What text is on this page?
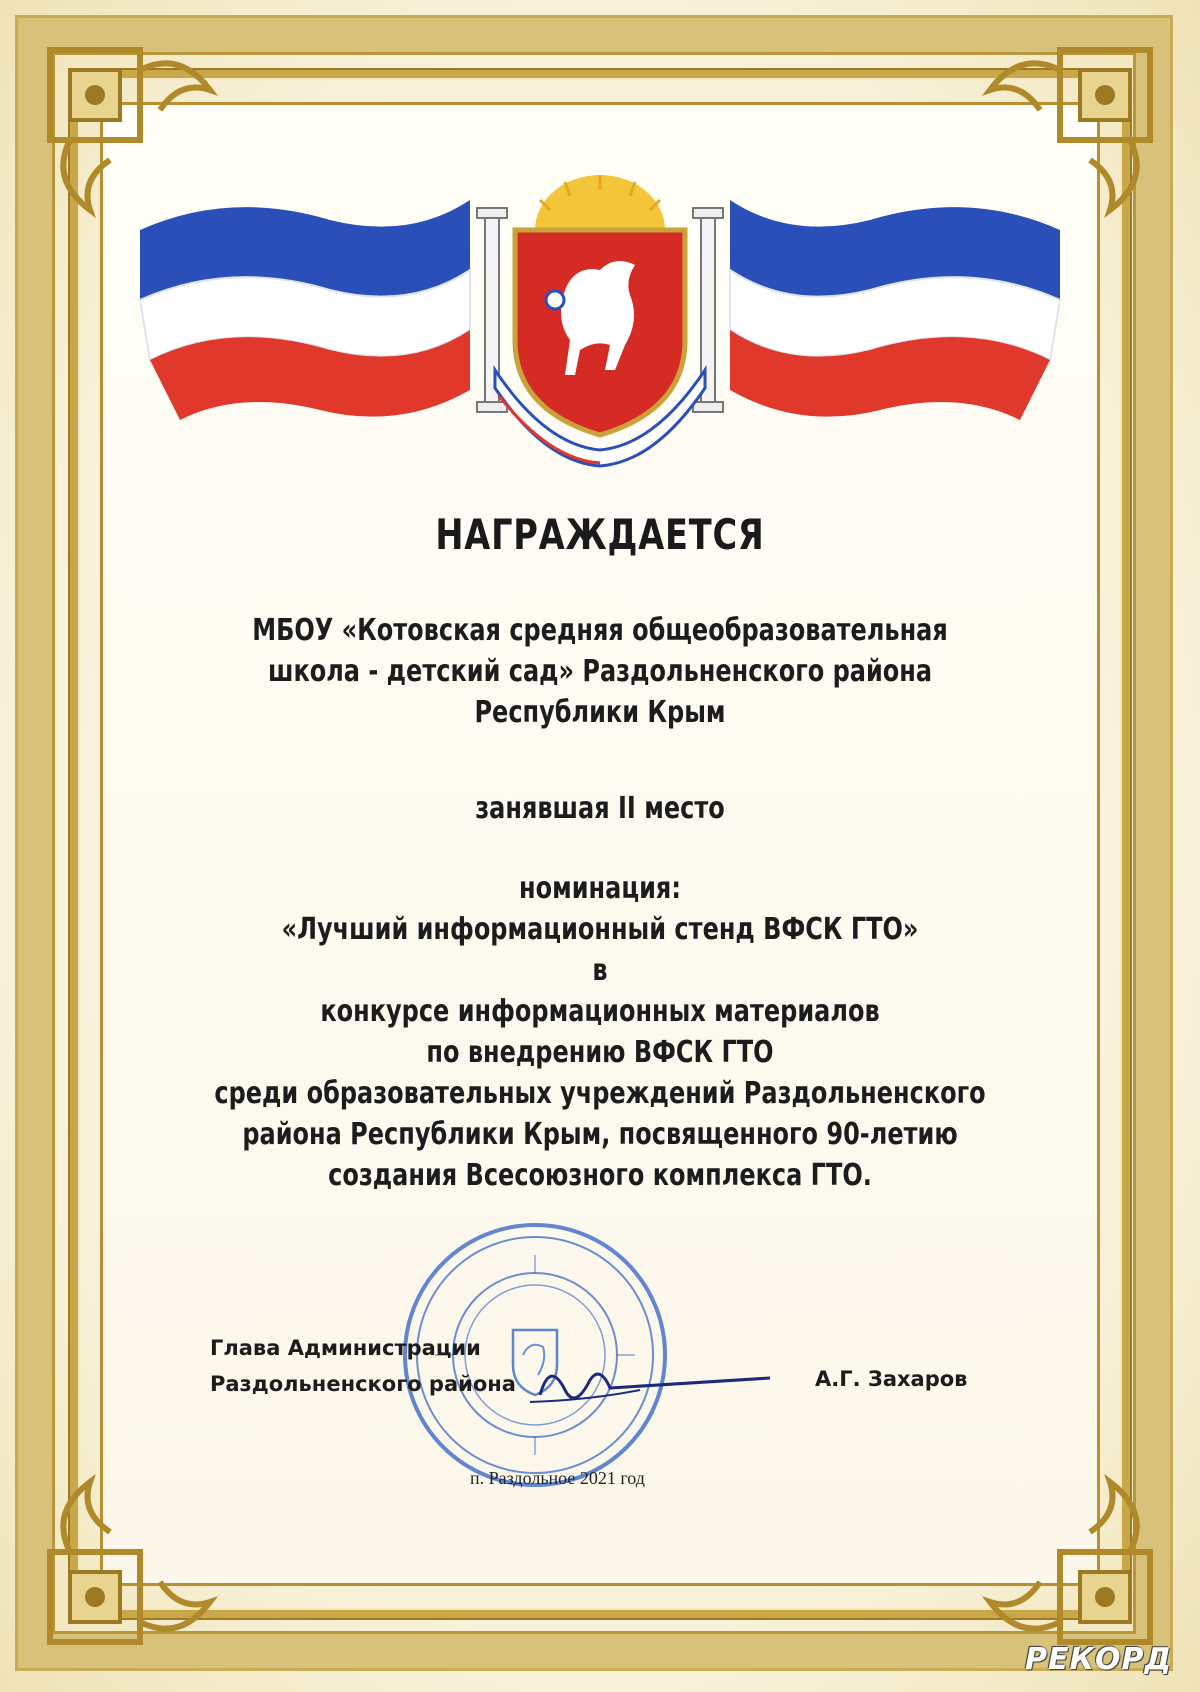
НАГРАЖДАЕТСЯ
МБОУ «Котовская средняя общеобразовательная
школа - детский сад» Раздольненского района
Республики Крым
занявшая II место
номинация:
«Лучший информационный стенд ВФСК ГТО»
в
конкурсе информационных материалов
по внедрению ВФСК ГТО
среди образовательных учреждений Раздольненского
района Республики Крым, посвященного 90-летию
создания Всесоюзного комплекса ГТО.
Глава Администрации
Раздольненского района	А.Г. Захаров
п. Раздольное 2021 год
РЕКОРД
